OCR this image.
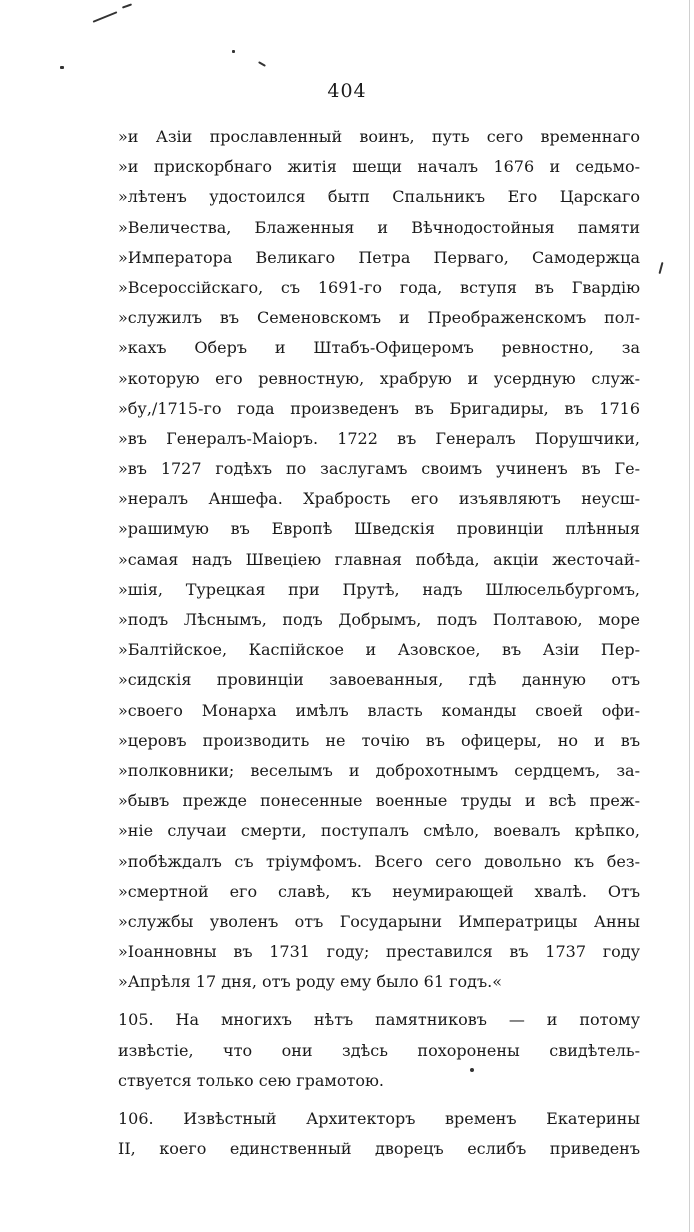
404
»и Азіи прославленный воинъ, путь сего временнаго
»и прискорбнаго житія шещи началъ 1676 и седьмо-
»лѣтенъ удостоился бытп Спальникъ Его Царскаго
»Величества, Блаженныя и Вѣчнодостойныя памяти
»Императора Великаго Петра Перваго, Самодержца
»Всероссійскаго, съ 1691-го года, вступя въ Гвардію
»служилъ въ Семеновскомъ и Преображенскомъ пол-
»кахъ Оберъ и Штабъ-Офицеромъ ревностно, за
»которую его ревностную, храбрую и усердную служ-
»бу,/1715-го года произведенъ въ Бригадиры, въ 1716
»въ Генералъ-Маіоръ. 1722 въ Генералъ Порушчики,
»въ 1727 годѣхъ по заслугамъ своимъ учиненъ въ Ге-
»нералъ Аншефа. Храбрость его изъявляютъ неусш-
»рашимую въ Европѣ Шведскія провинціи плѣнныя
»самая надъ Швеціею главная побѣда, акціи жесточай-
»шія, Турецкая при Прутѣ, надъ Шлюсельбургомъ,
»подъ Лѣснымъ, подъ Добрымъ, подъ Полтавою, море
»Балтійское, Каспійское и Азовское, въ Азіи Пер-
»сидскія провинціи завоеванныя, гдѣ данную отъ
»своего Монарха имѣлъ власть команды своей офи-
»церовъ производить не точію въ офицеры, но и въ
»полковники; веселымъ и доброхотнымъ сердцемъ, за-
»бывъ прежде понесенные военные труды и всѣ преж-
»ніе случаи смерти, поступалъ смѣло, воевалъ крѣпко,
»побѣждалъ съ тріумфомъ. Всего сего довольно къ без-
»смертной его славѣ, къ неумирающей хвалѣ. Отъ
»службы уволенъ отъ Государыни Императрицы Анны
»Іоанновны въ 1731 году; преставился въ 1737 году
»Апрѣля 17 дня, отъ роду ему было 61 годъ.«
105. На многихъ нѣтъ памятниковъ — и потому
извѣстіе, что они здѣсь похоронены свидѣтель-
ствуется только сею грамотою.
106. Извѣстный Архитекторъ временъ Екатерины
II, коего единственный дворецъ еслибъ приведенъ
